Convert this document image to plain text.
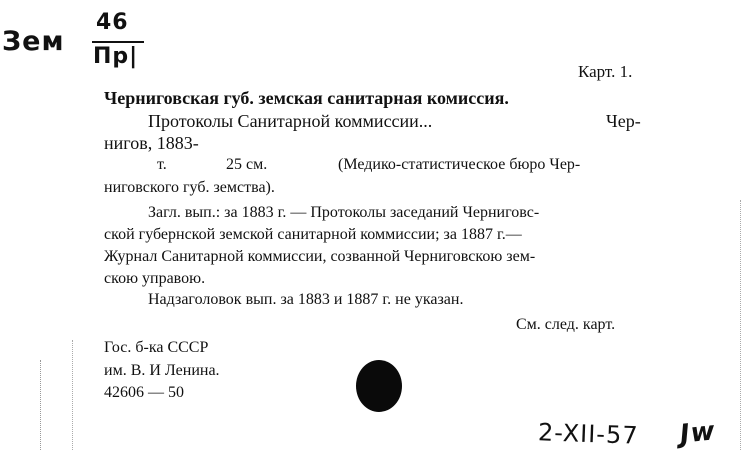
Зем
46
Пр|
Карт. 1.
Черниговская губ. земская санитарная комиссия.
Протоколы Санитарной коммиссии...	Чер-
нигов, 1883-
т.	25 см.	(Медико-статистическое бюро Чер-
ниговского губ. земства).
Загл. вып.: за 1883 г. — Протоколы заседаний Черниговс-
ской губернской земской санитарной коммиссии; за 1887 г.—
Журнал Санитарной коммиссии, созванной Черниговскою зем-
скою управою.
Надзаголовок вып. за 1883 и 1887 г. не указан.
См. след. карт.
Гос. б-ка СССР
им. В. И Ленина.
42606 — 50
2-XII-57 Jw
